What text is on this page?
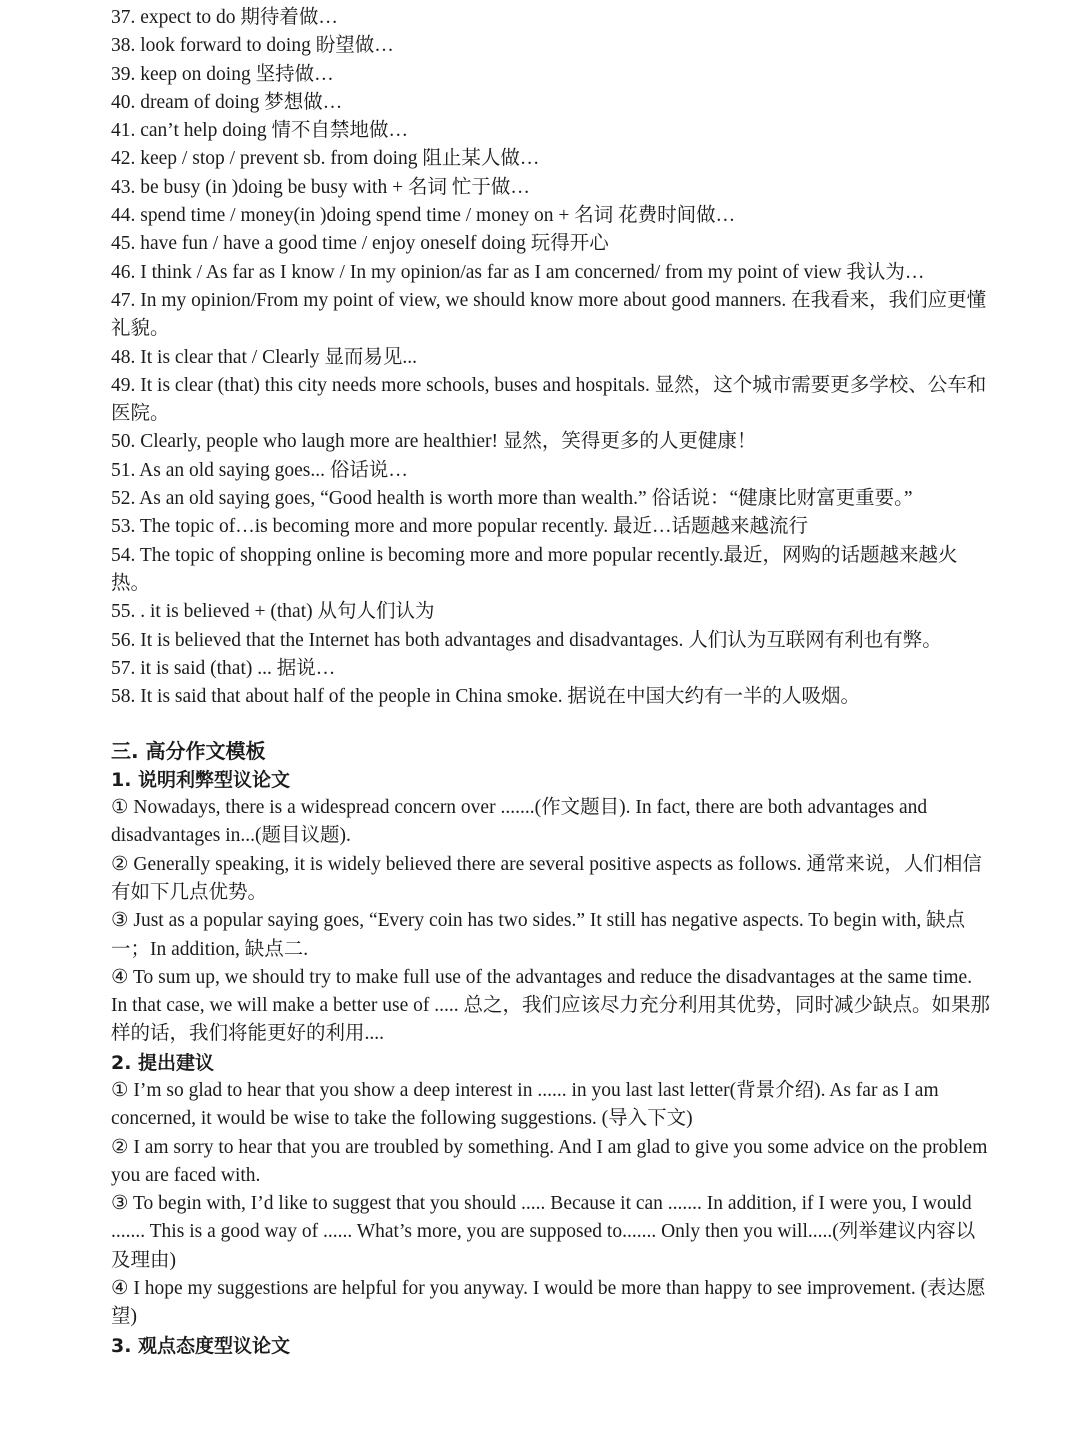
37. expect to do 期待着做…

38. look forward to doing 盼望做…

39. keep on doing 坚持做…

40. dream of doing 梦想做…

41. can’t help doing 情不自禁地做…

42. keep / stop / prevent sb. from doing 阻止某人做…

43. be busy (in )doing be busy with + 名词 忙于做…

44. spend time / money(in )doing spend time / money on + 名词 花费时间做…

45. have fun / have a good time / enjoy oneself doing 玩得开心

46. I think / As far as I know / In my opinion/as far as I am concerned/ from my point of view 我认为…

47. In my opinion/From my point of view, we should know more about good manners. 在我看来，我们应更懂礼貌。

48. It is clear that / Clearly 显而易见...

49. It is clear (that) this city needs more schools, buses and hospitals. 显然，这个城市需要更多学校、公车和医院。

50. Clearly, people who laugh more are healthier! 显然，笑得更多的人更健康！

51. As an old saying goes... 俗话说…

52. As an old saying goes, “Good health is worth more than wealth.” 俗话说：“健康比财富更重要。”

53. The topic of…is becoming more and more popular recently. 最近…话题越来越流行

54. The topic of shopping online is becoming more and more popular recently.最近，网购的话题越来越火热。

55. . it is believed + (that) 从句人们认为

56. It is believed that the Internet has both advantages and disadvantages. 人们认为互联网有利也有弊。

57. it is said (that) ... 据说…

58. It is said that about half of the people in China smoke. 据说在中国大约有一半的人吸烟。

三. 高分作文模板

1. 说明利弊型议论文

① Nowadays, there is a widespread concern over .......(作文题目). In fact, there are both advantages and disadvantages in...(题目议题).

② Generally speaking, it is widely believed there are several positive aspects as follows. 通常来说，人们相信有如下几点优势。

③ Just as a popular saying goes, “Every coin has two sides.” It still has negative aspects. To begin with, 缺点一；In addition, 缺点二.

④ To sum up, we should try to make full use of the advantages and reduce the disadvantages at the same time. In that case, we will make a better use of ..... 总之，我们应该尽力充分利用其优势，同时减少缺点。如果那样的话，我们将能更好的利用....

2. 提出建议

① I’m so glad to hear that you show a deep interest in ...... in you last last letter(背景介绍). As far as I am concerned, it would be wise to take the following suggestions. (导入下文)

② I am sorry to hear that you are troubled by something. And I am glad to give you some advice on the problem you are faced with.

③ To begin with, I’d like to suggest that you should ..... Because it can ....... In addition, if I were you, I would ....... This is a good way of ...... What’s more, you are supposed to....... Only then you will.....(列举建议内容以及理由)

④ I hope my suggestions are helpful for you anyway. I would be more than happy to see improvement. (表达愿望)

3. 观点态度型议论文
